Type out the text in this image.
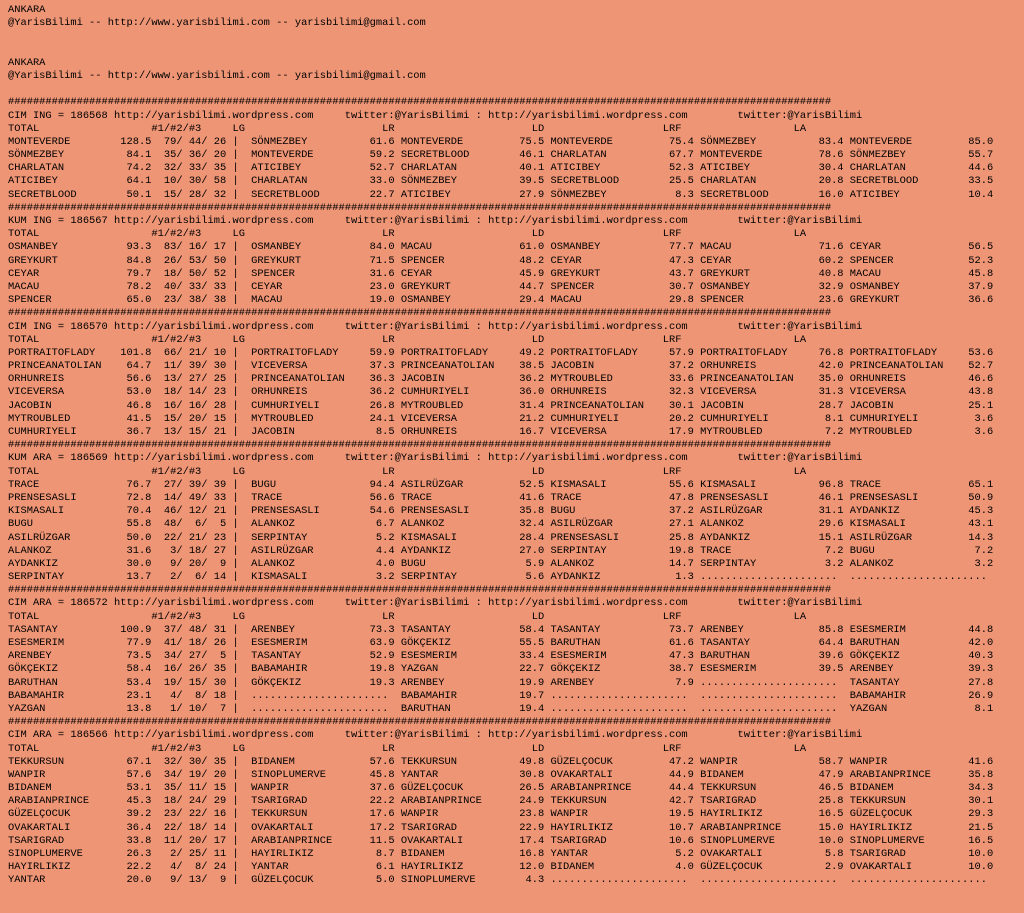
ANKARA
@YarisBilimi -- http://www.yarisbilimi.com -- yarisbilimi@gmail.com
ANKARA
@YarisBilimi -- http://www.yarisbilimi.com -- yarisbilimi@gmail.com
####################################################################################################################################
CIM ING = 186568 http://yarisbilimi.wordpress.com     twitter:@YarisBilimi : http://yarisbilimi.wordpress.com        twitter:@YarisBilimi
TOTAL                  #1/#2/#3     LG                      LR                      LD                   LRF                  LA
MONTEVERDE        128.5  79/ 44/ 26 |  SÖNMEZBEY          61.6 MONTEVERDE         75.5 MONTEVERDE         75.4 SÖNMEZBEY          83.4 MONTEVERDE         85.0
SÖNMEZBEY          84.1  35/ 36/ 20 |  MONTEVERDE         59.2 SECRETBLOOD        46.1 CHARLATAN          67.7 MONTEVERDE         78.6 SÖNMEZBEY          55.7
CHARLATAN          74.2  32/ 33/ 35 |  ATICIBEY           52.7 CHARLATAN          40.1 ATICIBEY           52.3 ATICIBEY           30.4 CHARLATAN          44.6
ATICIBEY           64.1  10/ 30/ 58 |  CHARLATAN          33.0 SÖNMEZBEY          39.5 SECRETBLOOD        25.5 CHARLATAN          20.8 SECRETBLOOD        33.5
SECRETBLOOD        50.1  15/ 28/ 32 |  SECRETBLOOD        22.7 ATICIBEY           27.9 SÖNMEZBEY           8.3 SECRETBLOOD        16.0 ATICIBEY           10.4
####################################################################################################################################
KUM ING = 186567 http://yarisbilimi.wordpress.com     twitter:@YarisBilimi : http://yarisbilimi.wordpress.com        twitter:@YarisBilimi
TOTAL                  #1/#2/#3     LG                      LR                      LD                   LRF                  LA
OSMANBEY           93.3  83/ 16/ 17 |  OSMANBEY           84.0 MACAU              61.0 OSMANBEY           77.7 MACAU              71.6 CEYAR              56.5
GREYKURT           84.8  26/ 53/ 50 |  GREYKURT           71.5 SPENCER            48.2 CEYAR              47.3 CEYAR              60.2 SPENCER            52.3
CEYAR              79.7  18/ 50/ 52 |  SPENCER            31.6 CEYAR              45.9 GREYKURT           43.7 GREYKURT           40.8 MACAU              45.8
MACAU              78.2  40/ 33/ 33 |  CEYAR              23.0 GREYKURT           44.7 SPENCER            30.7 OSMANBEY           32.9 OSMANBEY           37.9
SPENCER            65.0  23/ 38/ 38 |  MACAU              19.0 OSMANBEY           29.4 MACAU              29.8 SPENCER            23.6 GREYKURT           36.6
####################################################################################################################################
CIM ING = 186570 http://yarisbilimi.wordpress.com     twitter:@YarisBilimi : http://yarisbilimi.wordpress.com        twitter:@YarisBilimi
TOTAL                  #1/#2/#3     LG                      LR                      LD                   LRF                  LA
PORTRAITOFLADY    101.8  66/ 21/ 10 |  PORTRAITOFLADY     59.9 PORTRAITOFLADY     49.2 PORTRAITOFLADY     57.9 PORTRAITOFLADY     76.8 PORTRAITOFLADY     53.6
PRINCEANATOLIAN    64.7  11/ 39/ 30 |  VICEVERSA          37.3 PRINCEANATOLIAN    38.5 JACOBIN            37.2 ORHUNREIS          42.0 PRINCEANATOLIAN    52.7
ORHUNREIS          56.6  13/ 27/ 25 |  PRINCEANATOLIAN    36.3 JACOBIN            36.2 MYTROUBLED         33.6 PRINCEANATOLIAN    35.0 ORHUNREIS          46.6
VICEVERSA          53.0  18/ 14/ 23 |  ORHUNREIS          36.2 CUMHURIYELI        36.0 ORHUNREIS          32.3 VICEVERSA          31.3 VICEVERSA          43.8
JACOBIN            46.8  16/ 16/ 28 |  CUMHURIYELI        26.8 MYTROUBLED         31.4 PRINCEANATOLIAN    30.1 JACOBIN            28.7 JACOBIN            25.1
MYTROUBLED         41.5  15/ 20/ 15 |  MYTROUBLED         24.1 VICEVERSA          21.2 CUMHURIYELI        20.2 CUMHURIYELI         8.1 CUMHURIYELI         3.6
CUMHURIYELI        36.7  13/ 15/ 21 |  JACOBIN             8.5 ORHUNREIS          16.7 VICEVERSA          17.9 MYTROUBLED          7.2 MYTROUBLED          3.6
####################################################################################################################################
KUM ARA = 186569 http://yarisbilimi.wordpress.com     twitter:@YarisBilimi : http://yarisbilimi.wordpress.com        twitter:@YarisBilimi
TOTAL                  #1/#2/#3     LG                      LR                      LD                   LRF                  LA
TRACE              76.7  27/ 39/ 39 |  BUGU               94.4 ASILRÜZGAR         52.5 KISMASALI          55.6 KISMASALI          96.8 TRACE              65.1
PRENSESASLI        72.8  14/ 49/ 33 |  TRACE              56.6 TRACE              41.6 TRACE              47.8 PRENSESASLI        46.1 PRENSESASLI        50.9
KISMASALI          70.4  46/ 12/ 21 |  PRENSESASLI        54.6 PRENSESASLI        35.8 BUGU               37.2 ASILRÜZGAR         31.1 AYDANKIZ           45.3
BUGU               55.8  48/  6/  5 |  ALANKOZ             6.7 ALANKOZ            32.4 ASILRÜZGAR         27.1 ALANKOZ            29.6 KISMASALI          43.1
ASILRÜZGAR         50.0  22/ 21/ 23 |  SERPINTAY           5.2 KISMASALI          28.4 PRENSESASLI        25.8 AYDANKIZ           15.1 ASILRÜZGAR         14.3
ALANKOZ            31.6   3/ 18/ 27 |  ASILRÜZGAR          4.4 AYDANKIZ           27.0 SERPINTAY          19.8 TRACE               7.2 BUGU                7.2
AYDANKIZ           30.0   9/ 20/  9 |  ALANKOZ             4.0 BUGU                5.9 ALANKOZ            14.7 SERPINTAY           3.2 ALANKOZ             3.2
SERPINTAY          13.7   2/  6/ 14 |  KISMASALI           3.2 SERPINTAY           5.6 AYDANKIZ            1.3 ......................  ......................
####################################################################################################################################
CIM ARA = 186572 http://yarisbilimi.wordpress.com     twitter:@YarisBilimi : http://yarisbilimi.wordpress.com        twitter:@YarisBilimi
TOTAL                  #1/#2/#3     LG                      LR                      LD                   LRF                  LA
TASANTAY          100.9  37/ 48/ 31 |  ARENBEY            73.3 TASANTAY           58.4 TASANTAY           73.7 ARENBEY            85.8 ESESMERIM          44.8
ESESMERIM          77.9  41/ 18/ 26 |  ESESMERIM          63.9 GÖKÇEKIZ           55.5 BARUTHAN           61.6 TASANTAY           64.4 BARUTHAN           42.0
ARENBEY            73.5  34/ 27/  5 |  TASANTAY           52.9 ESESMERIM          33.4 ESESMERIM          47.3 BARUTHAN           39.6 GÖKÇEKIZ           40.3
GÖKÇEKIZ           58.4  16/ 26/ 35 |  BABAMAHIR          19.8 YAZGAN             22.7 GÖKÇEKIZ           38.7 ESESMERIM          39.5 ARENBEY            39.3
BARUTHAN           53.4  19/ 15/ 30 |  GÖKÇEKIZ           19.3 ARENBEY            19.9 ARENBEY             7.9 ......................  TASANTAY           27.8
BABAMAHIR          23.1   4/  8/ 18 |  ......................  BABAMAHIR          19.7 ......................  ......................  BABAMAHIR          26.9
YAZGAN             13.8   1/ 10/  7 |  ......................  BARUTHAN           19.4 ......................  ......................  YAZGAN              8.1
####################################################################################################################################
CIM ARA = 186566 http://yarisbilimi.wordpress.com     twitter:@YarisBilimi : http://yarisbilimi.wordpress.com        twitter:@YarisBilimi
TOTAL                  #1/#2/#3     LG                      LR                      LD                   LRF                  LA
TEKKURSUN          67.1  32/ 30/ 35 |  BIDANEM            57.6 TEKKURSUN          49.8 GÜZELÇOCUK         47.2 WANPIR             58.7 WANPIR             41.6
WANPIR             57.6  34/ 19/ 20 |  SINOPLUMERVE       45.8 YANTAR             30.8 OVAKARTALI         44.9 BIDANEM            47.9 ARABIANPRINCE      35.8
BIDANEM            53.1  35/ 11/ 15 |  WANPIR             37.6 GÜZELÇOCUK         26.5 ARABIANPRINCE      44.4 TEKKURSUN          46.5 BIDANEM            34.3
ARABIANPRINCE      45.3  18/ 24/ 29 |  TSARIGRAD          22.2 ARABIANPRINCE      24.9 TEKKURSUN          42.7 TSARIGRAD          25.8 TEKKURSUN          30.1
GÜZELÇOCUK         39.2  23/ 22/ 16 |  TEKKURSUN          17.6 WANPIR             23.8 WANPIR             19.5 HAYIRLIKIZ         16.5 GÜZELÇOCUK         29.3
OVAKARTALI         36.4  22/ 18/ 14 |  OVAKARTALI         17.2 TSARIGRAD          22.9 HAYIRLIKIZ         10.7 ARABIANPRINCE      15.0 HAYIRLIKIZ         21.5
TSARIGRAD          33.8  11/ 20/ 17 |  ARABIANPRINCE      11.5 OVAKARTALI         17.4 TSARIGRAD          10.6 SINOPLUMERVE       10.0 SINOPLUMERVE       16.5
SINOPLUMERVE       26.3   2/ 25/ 11 |  HAYIRLIKIZ          8.7 BIDANEM            16.8 YANTAR              5.2 OVAKARTALI          5.8 TSARIGRAD          10.0
HAYIRLIKIZ         22.2   4/  8/ 24 |  YANTAR              6.1 HAYIRLIKIZ         12.0 BIDANEM             4.0 GÜZELÇOCUK          2.9 OVAKARTALI         10.0
YANTAR             20.0   9/ 13/  9 |  GÜZELÇOCUK          5.0 SINOPLUMERVE        4.3 ......................  ......................  ......................
